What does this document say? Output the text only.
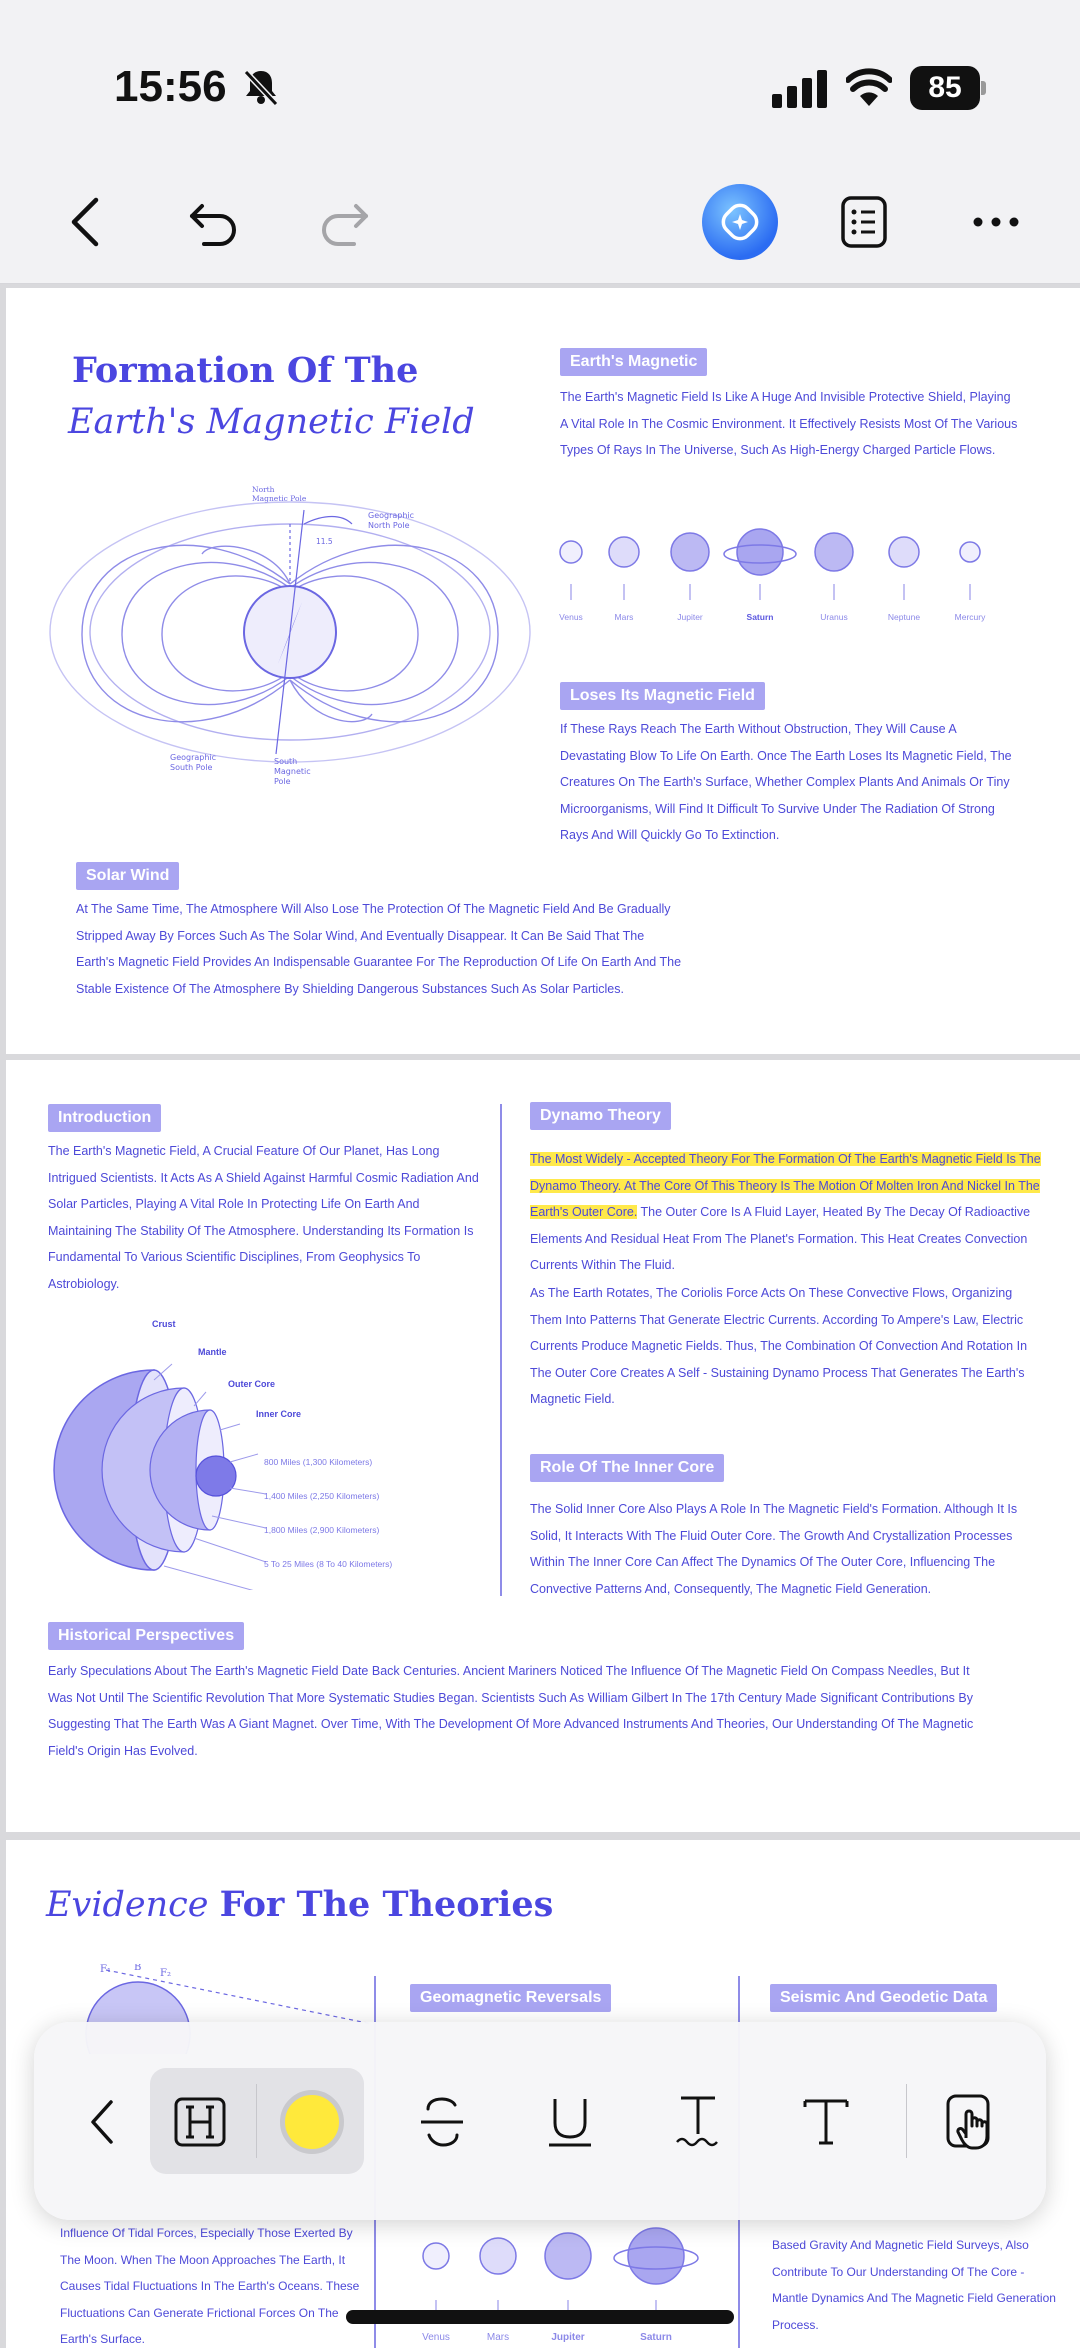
15:56	85
Formation Of The
Earth's Magnetic Field
North
Magnetic Pole
Geographic
North Pole
11.5
Geographic
South Pole
South
Magnetic
Pole
Earth's Magnetic
The Earth's Magnetic Field Is Like A Huge And Invisible Protective Shield, Playing A Vital Role In The Cosmic Environment. It Effectively Resists Most Of The Various Types Of Rays In The Universe, Such As High-Energy Charged Particle Flows.
Venus	Mars	Jupiter	Saturn	Uranus	Neptune	Mercury
Loses Its Magnetic Field
If These Rays Reach The Earth Without Obstruction, They Will Cause A Devastating Blow To Life On Earth. Once The Earth Loses Its Magnetic Field, The Creatures On The Earth's Surface, Whether Complex Plants And Animals Or Tiny Microorganisms, Will Find It Difficult To Survive Under The Radiation Of Strong Rays And Will Quickly Go To Extinction.
Solar Wind
At The Same Time, The Atmosphere Will Also Lose The Protection Of The Magnetic Field And Be Gradually Stripped Away By Forces Such As The Solar Wind, And Eventually Disappear. It Can Be Said That The Earth's Magnetic Field Provides An Indispensable Guarantee For The Reproduction Of Life On Earth And The Stable Existence Of The Atmosphere By Shielding Dangerous Substances Such As Solar Particles.
Introduction
The Earth's Magnetic Field, A Crucial Feature Of Our Planet, Has Long Intrigued Scientists. It Acts As A Shield Against Harmful Cosmic Radiation And Solar Particles, Playing A Vital Role In Protecting Life On Earth And Maintaining The Stability Of The Atmosphere. Understanding Its Formation Is Fundamental To Various Scientific Disciplines, From Geophysics To Astrobiology.
Crust
Mantle
Outer Core
Inner Core
800 Miles (1,300 Kilometers)
1,400 Miles (2,250 Kilometers)
1,800 Miles (2,900 Kilometers)
5 To 25 Miles (8 To 40 Kilometers)
Dynamo Theory
The Most Widely - Accepted Theory For The Formation Of The Earth's Magnetic Field Is The Dynamo Theory. At The Core Of This Theory Is The Motion Of Molten Iron And Nickel In The Earth's Outer Core. The Outer Core Is A Fluid Layer, Heated By The Decay Of Radioactive Elements And Residual Heat From The Planet's Formation. This Heat Creates Convection Currents Within The Fluid.
As The Earth Rotates, The Coriolis Force Acts On These Convective Flows, Organizing Them Into Patterns That Generate Electric Currents. According To Ampere's Law, Electric Currents Produce Magnetic Fields. Thus, The Combination Of Convection And Rotation In The Outer Core Creates A Self - Sustaining Dynamo Process That Generates The Earth's Magnetic Field.
Role Of The Inner Core
The Solid Inner Core Also Plays A Role In The Magnetic Field's Formation. Although It Is Solid, It Interacts With The Fluid Outer Core. The Growth And Crystallization Processes Within The Inner Core Can Affect The Dynamics Of The Outer Core, Influencing The Convective Patterns And, Consequently, The Magnetic Field Generation.
Historical Perspectives
Early Speculations About The Earth's Magnetic Field Date Back Centuries. Ancient Mariners Noticed The Influence Of The Magnetic Field On Compass Needles, But It Was Not Until The Scientific Revolution That More Systematic Studies Began. Scientists Such As William Gilbert In The 17th Century Made Significant Contributions By Suggesting That The Earth Was A Giant Magnet. Over Time, With The Development Of More Advanced Instruments And Theories, Our Understanding Of The Magnetic Field's Origin Has Evolved.
Evidence For The Theories
F₁ B
F₂
Geomagnetic Reversals	Seismic And Geodetic Data
Influence Of Tidal Forces, Especially Those Exerted By The Moon. When The Moon Approaches The Earth, It Causes Tidal Fluctuations In The Earth's Oceans. These Fluctuations Can Generate Frictional Forces On The Earth's Surface.
Based Gravity And Magnetic Field Surveys, Also Contribute To Our Understanding Of The Core - Mantle Dynamics And The Magnetic Field Generation Process.
Venus	Mars	Jupiter	Saturn
